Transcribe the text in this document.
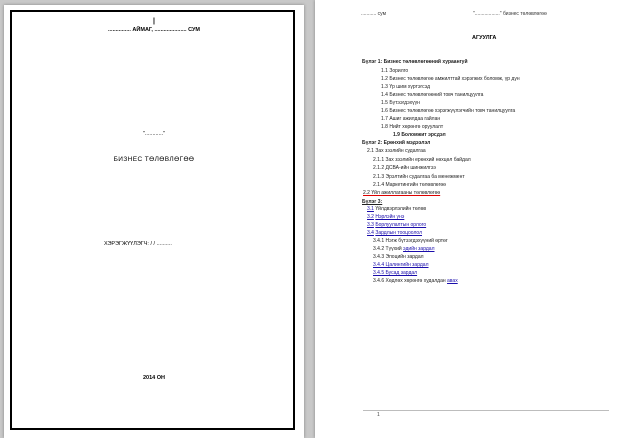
|
............... АЙМАГ, ..................... СУМ
"............"
БИЗНЕС ТӨЛӨВЛӨГӨӨ
ХЭРЭГЖҮҮЛЭГЧ: / / ..........
2014 ОН
........... сум	".................." бизнес төлөвлөгөө
АГУУЛГА
Бүлэг 1: Бизнес төлөвлөгөөний хураангуй
1.1 Зорилго
1.2 Бизнес төлөвлөгөө амжилттай хэрэгжих боломж, үр дүн
1.3 Үр шим хүртэгсэд
1.4 Бизнес төлөвлөгөөний товч танилцуулга
1.5 Бүтээгдэхүүн
1.6 Бизнес төлөвлөгөө хэрэгжүүлэгчийн товч танилцуулга
1.7 Ашиг ажилдаа гайлан
1.8 Нийт хөрөнгө оруулалт
1.9 Боломжит эрсдэл
Бүлэг 2: Ерөнхий мэдээлэл
2.1 Зах зээлийн судалгаа
2.1.1 Зах зээлийн ерөнхий нөхцөл байдал
2.1.2 ДСВА-ийн шинжилгээ
2.1.3 Эрэлтийн судалгаа ба менежмент
2.1.4 Маркетингийн төлөвлөгөө
2.2 Үйл ажиллагааны төлөвлөгөө
Бүлэг 3:
3.1 Үйлдвэрлэлийн төлөв
3.2 Нэрлэйн үнэ
3.3 Борлуулалтын орлого
3.4 Зардлын тооцоолол
3.4.1 Нэгж бүтээгдэхүүний өртөг
3.4.2 Түүхий эдийн зардал
3.4.3 Эпоцийн зардал
3.4.4 Цалингийн зардал
3.4.5 Бусад зардал
3.4.6 Хөдлөх хөрөнгө худалдан авах
1
